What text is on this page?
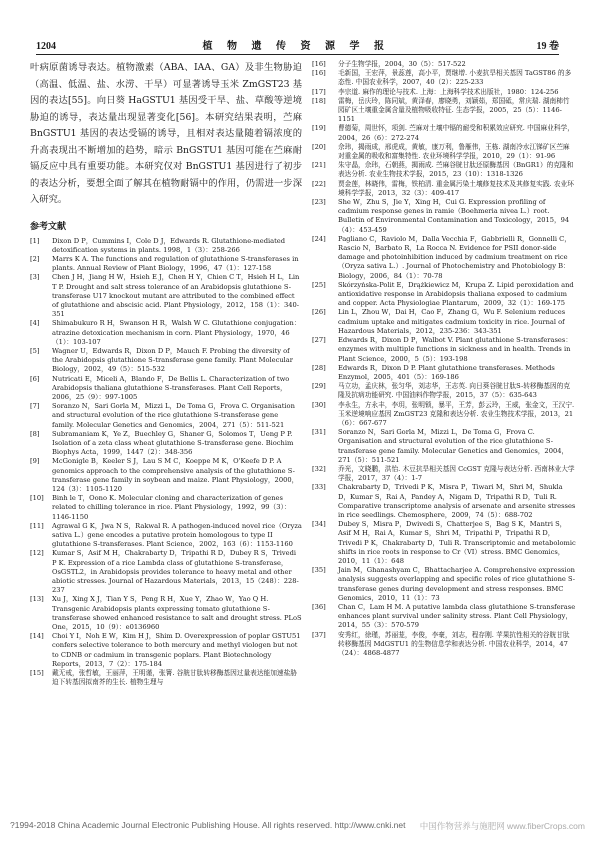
1204	植 物 遗 传 资 源 学 报	19 卷

叶病原菌诱导表达。植物激素（ABA、IAA、GA）及非生物胁迫（高温、低温、盐、水涝、干旱）可显著诱导玉米 ZmGST23 基因的表达[55]。向日葵 HaGSTU1 基因受干旱、盐、草酸等逆境胁迫的诱导，表达量出现显著变化[56]。本研究结果表明，苎麻 BnGSTU1 基因的表达受镉的诱导，且相对表达量随着镉浓度的升高表现出不断增加的趋势，暗示 BnGSTU1 基因可能在苎麻耐镉反应中具有重要功能。本研究仅对 BnGSTU1 基因进行了初步的表达分析，要想全面了解其在植物耐镉中的作用，仍需进一步深入研究。

参考文献
[1]	Dixon D P，Cummins I，Cole D J，Edwards R. Glutathione-mediated detoxification systems in plants. 1998，1（3）：258-266
[2]	Marrs K A. The functions and regulation of glutathione S-transferases in plants. Annual Review of Plant Biology，1996，47（1）：127-158
[3]	Chen J H，Jiang H W，Hsieh E J，Chen H Y，Chien C T，Hsieh H L，Lin T P. Drought and salt stress tolerance of an Arabidopsis glutathione S-transferase U17 knockout mutant are attributed to the combined effect of glutathione and abscisic acid. Plant Physiology，2012，158（1）：340-351
[4]	Shimabukuro R H，Swanson H R，Walsh W C. Glutathione conjugation：atrazine detoxication mechanism in corn. Plant Physiology，1970，46（1）：103-107
[5]	Wagner U，Edwards R，Dixon D P，Mauch F. Probing the diversity of the Arabidopsis glutathione S-transferase gene family. Plant Molecular Biology，2002，49（5）：515-532
[6]	Nutricati E，Miceli A，Blando F，De Bellis L. Characterization of two Arabidopsis thaliana glutathione S-transferases. Plant Cell Reports，2006，25（9）：997-1005
[7]	Soranzo N，Sari Gorla M，Mizzi L，De Toma G，Frova C. Organisation and structural evolution of the rice glutathione S-transferase gene family. Molecular Genetics and Genomics，2004，271（5）：511-521
[8]	Subramaniam K，Ye Z，Buechley G，Shaner G，Solomos T，Ueng P P. Isolation of a zeta class wheat glutathione S-transferase gene. Biochim Biophys Acta，1999，1447（2）：348-356
[9]	McGonigle B，Keeler S J，Lau S M C，Koeppe M K，O'Keefe D P. A genomics approach to the comprehensive analysis of the glutathione S-transferase gene family in soybean and maize. Plant Physiology，2000，124（3）：1105-1120
[10]	Binh le T，Oono K. Molecular cloning and characterization of genes related to chilling tolerance in rice. Plant Physiology，1992，99（3）：1146-1150
[11]	Agrawal G K，Jwa N S，Rakwal R. A pathogen-induced novel rice（Oryza sativa L.）gene encodes a putative protein homologous to type II glutathione S-transferases. Plant Science，2002，163（6）：1153-1160
[12]	Kumar S，Asif M H，Chakrabarty D，Tripathi R D，Dubey R S，Trivedi P K. Expression of a rice Lambda class of glutathione S-transferase，OsGSTL2，in Arabidopsis provides tolerance to heavy metal and other abiotic stresses. Journal of Hazardous Materials，2013，15（248）：228-237
[13]	Xu J，Xing X J，Tian Y S，Peng R H，Xue Y，Zhao W，Yao Q H. Transgenic Arabidopsis plants expressing tomato glutathione S-transferase showed enhanced resistance to salt and drought stress. PLoS One，2015，10（9）：e0136960
[14]	Choi Y I，Noh E W，Kim H J，Shim D. Overexpression of poplar GSTU51 confers selective tolerance to both mercury and methyl viologen but not to CDNB or cadmium in transgenic poplars. Plant Biotechnology Reports，2013，7（2）：175-184
[15]	戴无戒，张哲敏，王丽萍，王明谨，张箐. 谷胱甘肽转移酶基因过量表达能加速盐胁迫下转基因拟南芥的生长. 植物生理与
[16]	分子生物学报，2004，30（5）：517-522
[16]	毛新国，王宏萍，景蕊莲，高小平，贾继增. 小麦抗旱相关基因 TaGST86 的多态性. 中国农业科学，2007，40（2）：225-233
[17]	李宗道. 麻作的理论与技术. 上海：上海科学技术出版社，1980：124-256
[18]	雷梅，岳庆玲，陈同斌，黄泽春，廖晓勇，刘颖茹，郑国砥，常庆瑞. 湖南柿竹园矿区土壤重金属含量及植物吸收特征. 生态学报，2005，25（5）：1146-1151
[19]	曹德菊，周世怀，项剑. 苎麻对土壤中镉的耐受和积累效应研究. 中国麻业科学，2004，26（6）：272-274
[20]	佘玮，揭雨成，邢虎成，黄敏，康万利，鲁雁伟，王栋. 湖南冷水江锑矿区苎麻对重金属的吸收和富集特性. 农业环境科学学报，2010，29（1）：91-96
[21]	朱守晶，佘玮，石朝燕，揭雨成. 苎麻谷胱甘肽还原酶基因（BnGR1）的克隆和表达分析. 农业生物技术学报，2015，23（10）：1318-1326
[22]	贾金莲，林晓伟，雷梅，铁柏清. 重金属污染土壤修复技术及其修复实践. 农业环境科学学报，2013，32（3）：409-417
[23]	She W，Zhu S，Jie Y，Xing H，Cui G. Expression profiling of cadmium response genes in ramie（Boehmeria nivea L.）root. Bulletin of Environmental Contamination and Toxicology，2015，94（4）：453-459
[24]	Pagliano C，Raviolo M，Dalla Vecchia F，Gabbrielli R，Gonnelli C，Rascio N，Barbato R，La Rocca N. Evidence for PSII donor-side damage and photoinhibition induced by cadmium treatment on rice（Oryza sativa L.）. Journal of Photochemistry and Photobiology B：Biology，2006，84（1）：70-78
[25]	Skórzyńska-Polit E，Drążkiewicz M，Krupa Z. Lipid peroxidation and antioxidative response in Arabidopsis thaliana exposed to cadmium and copper. Acta Physiologiae Plantarum，2009，32（1）：169-175
[26]	Lin L，Zhou W，Dai H，Cao F，Zhang G，Wu F. Selenium reduces cadmium uptake and mitigates cadmium toxicity in rice. Journal of Hazardous Materials，2012，235-236：343-351
[27]	Edwards R，Dixon D P，Walbot V. Plant glutathione S-transferases：enzymes with multiple functions in sickness and in health. Trends in Plant Science，2000，5（5）：193-198
[28]	Edwards R，Dixon D P. Plant glutathione transferases. Methods Enzymol，2005，401（5）：169-186
[29]	马立功，孟庆林，张匀华，刘志华，王志英. 向日葵谷胱甘肽S-转移酶基因的克隆及抗病功能研究. 中国油料作物学报，2015，37（5）：635-643
[30]	李永生，方永丰，李玥，张明锁，暴平，王芳，彭云玲，王威，张金文，王汉宁. 玉米逆境响应基因 ZmGST23 克隆和表达分析. 农业生物技术学报，2013，21（6）：667-677
[31]	Soranzo N，Sari Gorla M，Mizzi L，De Toma G，Frova C. Organisation and structural evolution of the rice glutathione S-transferase gene family. Molecular Genetics and Genomics，2004，271（5）：511-521
[32]	乔光，文晓鹏，洪怡. 木豆抗旱相关基因 CcGST 克隆与表达分析. 西南林业大学学报，2017，37（4）：1-7
[33]	Chakrabarty D，Trivedi P K，Misra P，Tiwari M，Shri M，Shukla D，Kumar S，Rai A，Pandey A，Nigam D，Tripathi R D，Tuli R. Comparative transcriptome analysis of arsenate and arsenite stresses in rice seedlings. Chemosphere，2009，74（5）：688-702
[34]	Dubey S，Misra P，Dwivedi S，Chatterjee S，Bag S K，Mantri S，Asif M H，Rai A，Kumar S，Shri M，Tripathi P，Tripathi R D，Trivedi P K，Chakrabarty D，Tuli R. Transcriptomic and metabolomic shifts in rice roots in response to Cr（VI）stress. BMC Genomics，2010，11（1）：648
[35]	Jain M，Ghanashyam C，Bhattacharjee A. Comprehensive expression analysis suggests overlapping and specific roles of rice glutathione S-transferase genes during development and stress responses. BMC Genomics，2010，11（1）：73
[36]	Chan C，Lam H M. A putative lambda class glutathione S-transferase enhances plant survival under salinity stress. Plant Cell Physiology，2014，55（3）：570-579
[37]	安秀红，徐瑾，苏丽茏，李俊，李豪，刘志，程存刚. 苹果抗性相关的谷胱甘肽转移酶基因 MdGSTU1 的生物信息学和表达分析. 中国农业科学，2014，47（24）：4868-4877
?1994-2018 China Academic Journal Electronic Publishing House. All rights reserved. http://www.cnki.net 中国作物营养与施肥网 www.fiberCrops.com
